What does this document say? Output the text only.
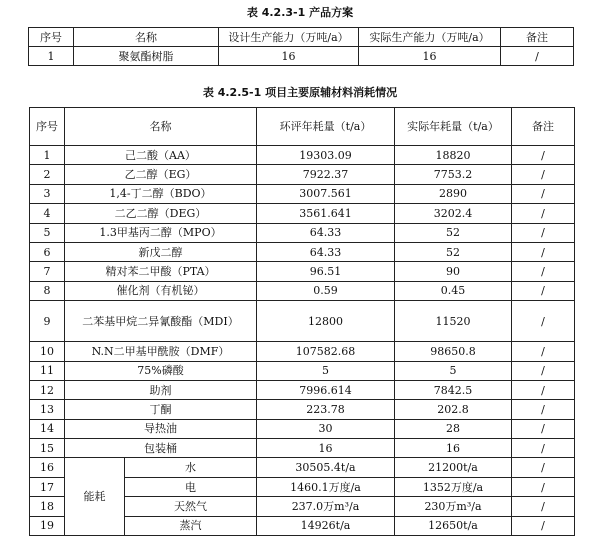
表 4.2.3-1 产品方案
序号	名称	设计生产能力（万吨/a）	实际生产能力（万吨/a）	备注
1	聚氨酯树脂	16	16	/
表 4.2.5-1 项目主要原辅材料消耗情况
序号	名称		环评年耗量（t/a）	实际年耗量（t/a）	备注
1	己二酸（AA）		19303.09	18820	/
2	乙二醇（EG）		7922.37	7753.2	/
3	1,4-丁二醇（BDO）		3007.561	2890	/
4	二乙二醇（DEG）		3561.641	3202.4	/
5	1.3甲基丙二醇（MPO）		64.33	52	/
6	新戊二醇		64.33	52	/
7	精对苯二甲酸（PTA）		96.51	90	/
8	催化剂（有机铋）		0.59	0.45	/
9	二苯基甲烷二异氰酸酯（MDI）		12800	11520	/
10	N.N二甲基甲酰胺（DMF）		107582.68	98650.8	/
11	75%磷酸		5	5	/
12	助剂		7996.614	7842.5	/
13	丁酮		223.78	202.8	/
14	导热油		30	28	/
15	包装桶		16	16	/
16	能耗	水	30505.4t/a	21200t/a	/
17		电	1460.1万度/a	1352万度/a	/
18		天然气	237.0万m³/a	230万m³/a	/
19		蒸汽	14926t/a	12650t/a	/
